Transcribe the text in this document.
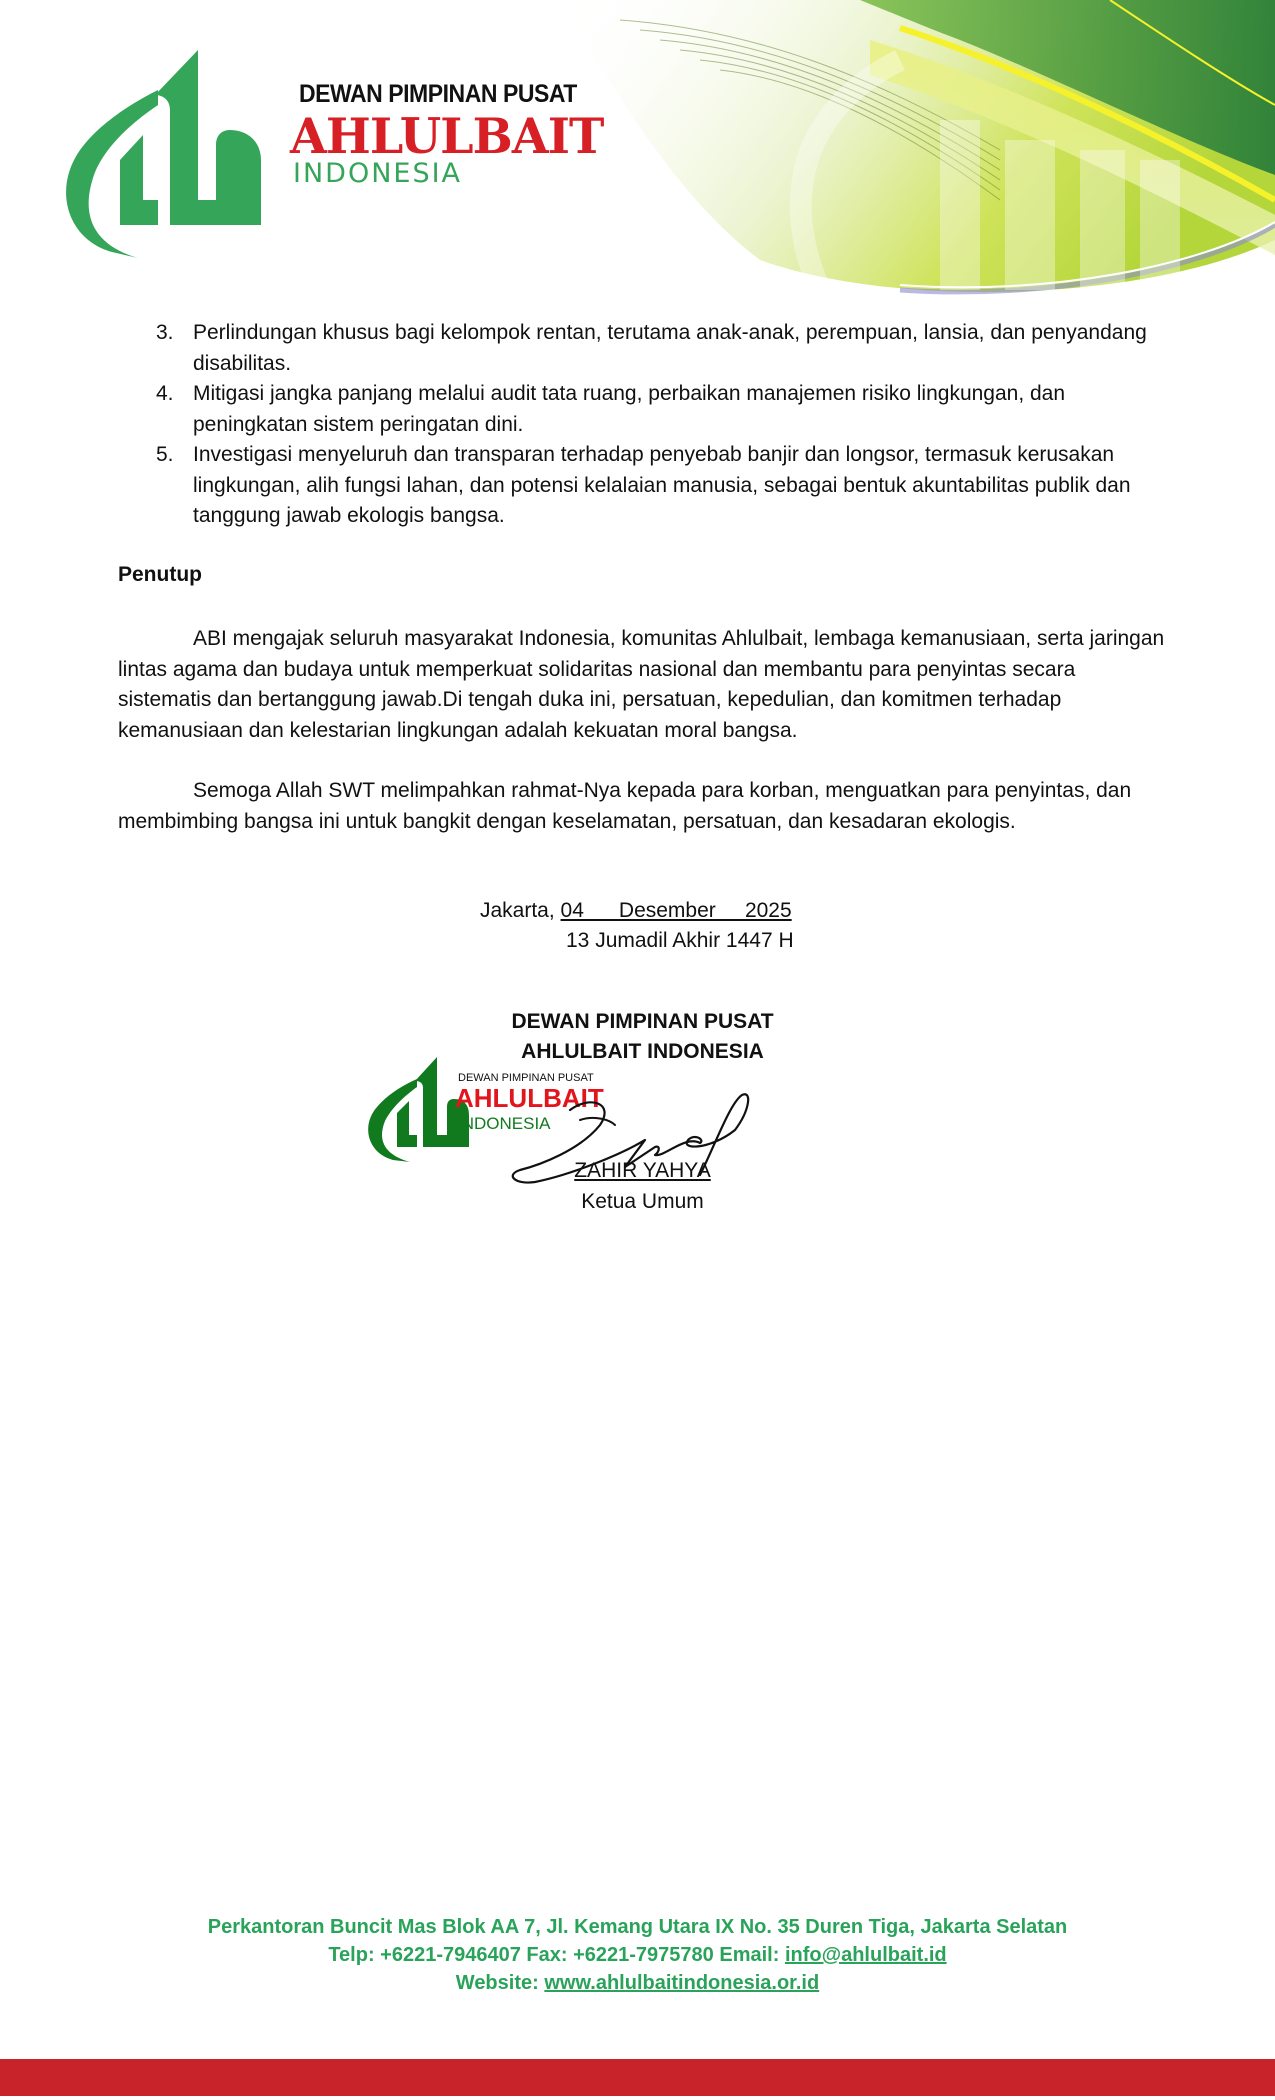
DEWAN PIMPINAN PUSAT
AHLULBAIT
INDONESIA
3. Perlindungan khusus bagi kelompok rentan, terutama anak-anak, perempuan, lansia, dan penyandang disabilitas.
4. Mitigasi jangka panjang melalui audit tata ruang, perbaikan manajemen risiko lingkungan, dan peningkatan sistem peringatan dini.
5. Investigasi menyeluruh dan transparan terhadap penyebab banjir dan longsor, termasuk kerusakan lingkungan, alih fungsi lahan, dan potensi kelalaian manusia, sebagai bentuk akuntabilitas publik dan tanggung jawab ekologis bangsa.
Penutup

ABI mengajak seluruh masyarakat Indonesia, komunitas Ahlulbait, lembaga kemanusiaan, serta jaringan lintas agama dan budaya untuk memperkuat solidaritas nasional dan membantu para penyintas secara sistematis dan bertanggung jawab.Di tengah duka ini, persatuan, kepedulian, dan komitmen terhadap kemanusiaan dan kelestarian lingkungan adalah kekuatan moral bangsa.

Semoga Allah SWT melimpahkan rahmat-Nya kepada para korban, menguatkan para penyintas, dan membimbing bangsa ini untuk bangkit dengan keselamatan, persatuan, dan kesadaran ekologis.

Jakarta, 04      Desember     2025
13 Jumadil Akhir 1447 H
DEWAN PIMPINAN PUSAT
AHLULBAIT INDONESIA
DEWAN PIMPINAN PUSAT
AHLULBAIT
INDONESIA
ZAHIR YAHYA
Ketua Umum
Perkantoran Buncit Mas Blok AA 7, Jl. Kemang Utara IX No. 35 Duren Tiga, Jakarta Selatan
Telp: +6221-7946407 Fax: +6221-7975780 Email: info@ahlulbait.id
Website: www.ahlulbaitindonesia.or.id
